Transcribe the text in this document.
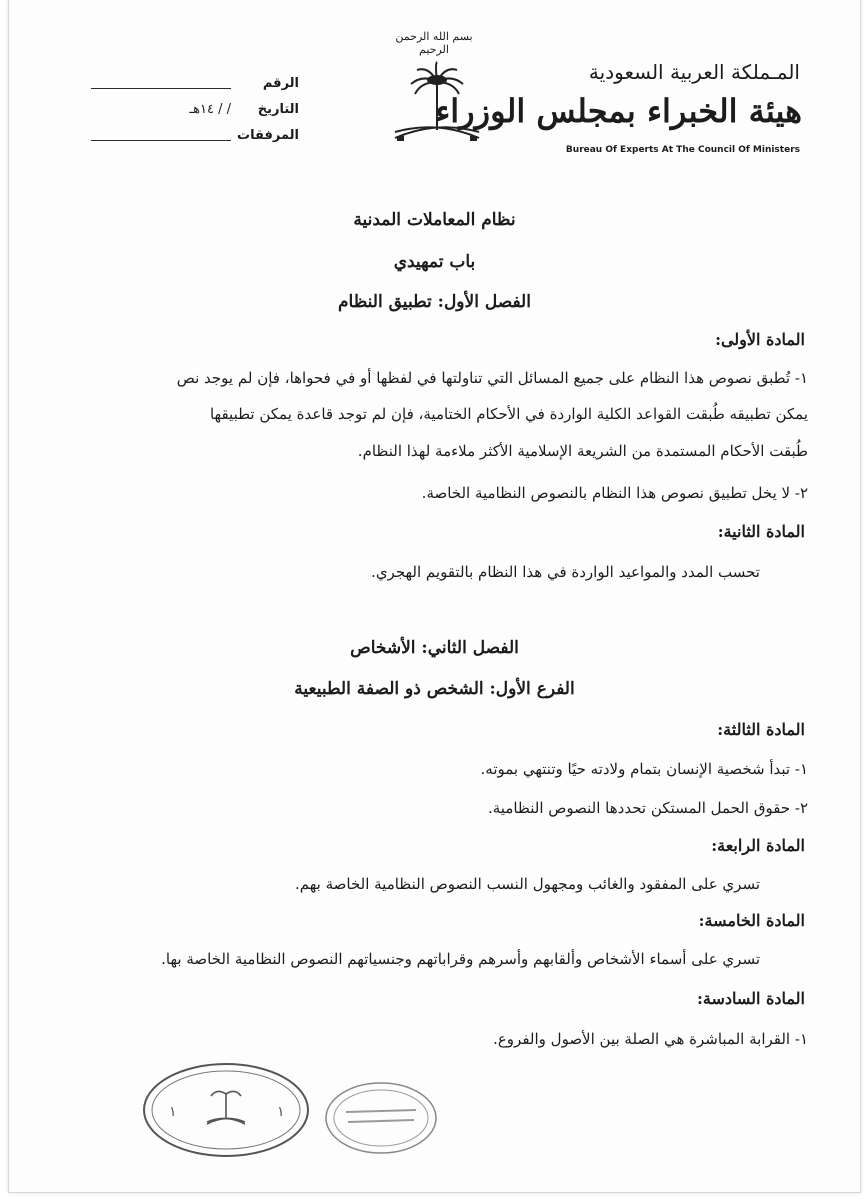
المـملكة العربية السعودية
هيئة الخبراء بمجلس الوزراء
Bureau Of Experts At The Council Of Ministers
بسم الله الرحمن الرحيم
الرقم
التاريخ
/ / ١٤هـ
المرفقات
نظام المعاملات المدنية
باب تمهيدي
الفصل الأول: تطبيق النظام
المادة الأولى:
١- تُطبق نصوص هذا النظام على جميع المسائل التي تناولتها في لفظها أو في فحواها، فإن لم يوجد نص
يمكن تطبيقه طُبقت القواعد الكلية الواردة في الأحكام الختامية، فإن لم توجد قاعدة يمكن تطبيقها
طُبقت الأحكام المستمدة من الشريعة الإسلامية الأكثر ملاءمة لهذا النظام.
٢- لا يخل تطبيق نصوص هذا النظام بالنصوص النظامية الخاصة.
المادة الثانية:
تحسب المدد والمواعيد الواردة في هذا النظام بالتقويم الهجري.
الفصل الثاني: الأشخاص
الفرع الأول: الشخص ذو الصفة الطبيعية
المادة الثالثة:
١- تبدأ شخصية الإنسان بتمام ولادته حيًا وتنتهي بموته.
٢- حقوق الحمل المستكن تحددها النصوص النظامية.
المادة الرابعة:
تسري على المفقود والغائب ومجهول النسب النصوص النظامية الخاصة بهم.
المادة الخامسة:
تسري على أسماء الأشخاص وألقابهم وأسرهم وقراباتهم وجنسياتهم النصوص النظامية الخاصة بها.
المادة السادسة:
١- القرابة المباشرة هي الصلة بين الأصول والفروع.
١	١
